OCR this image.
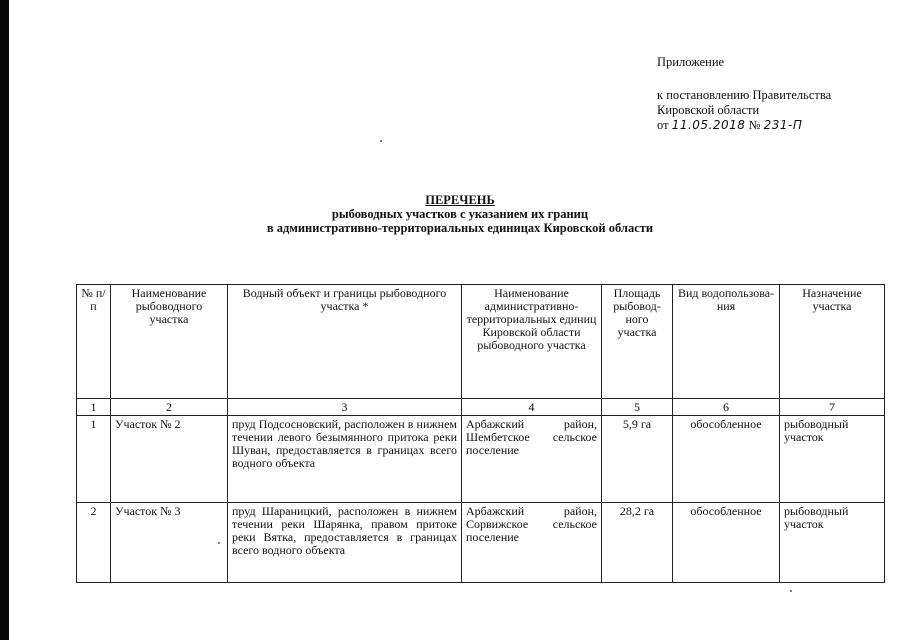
Приложение
к постановлению Правительства
Кировской области
от 11.05.2018 № 231-П
ПЕРЕЧЕНЬ
рыбоводных участков с указанием их границ
в административно-территориальных единицах Кировской области
№ п/п	Наименование рыбоводного участка	Водный объект и границы рыбоводного участка *	Наименование административно-территориальных единиц Кировской области рыбоводного участка	Площадь рыбовод-ного участка	Вид водопользова-ния	Назначение участка
1	2	3	4	5	6	7
1	Участок № 2	пруд Подсосновский, расположен в нижнем течении левого безымянного притока реки Шуван, предоставляется в границах всего водного объекта	Арбажский район, Шембетское сельское поселение	5,9 га	обособленное	рыбоводный участок
2	Участок № 3	пруд Шараницкий, расположен в нижнем течении реки Шарянка, правом притоке реки Вятка, предоставляется в границах всего водного объекта	Арбажский район, Сорвижское сельское поселение	28,2 га	обособленное	рыбоводный участок
